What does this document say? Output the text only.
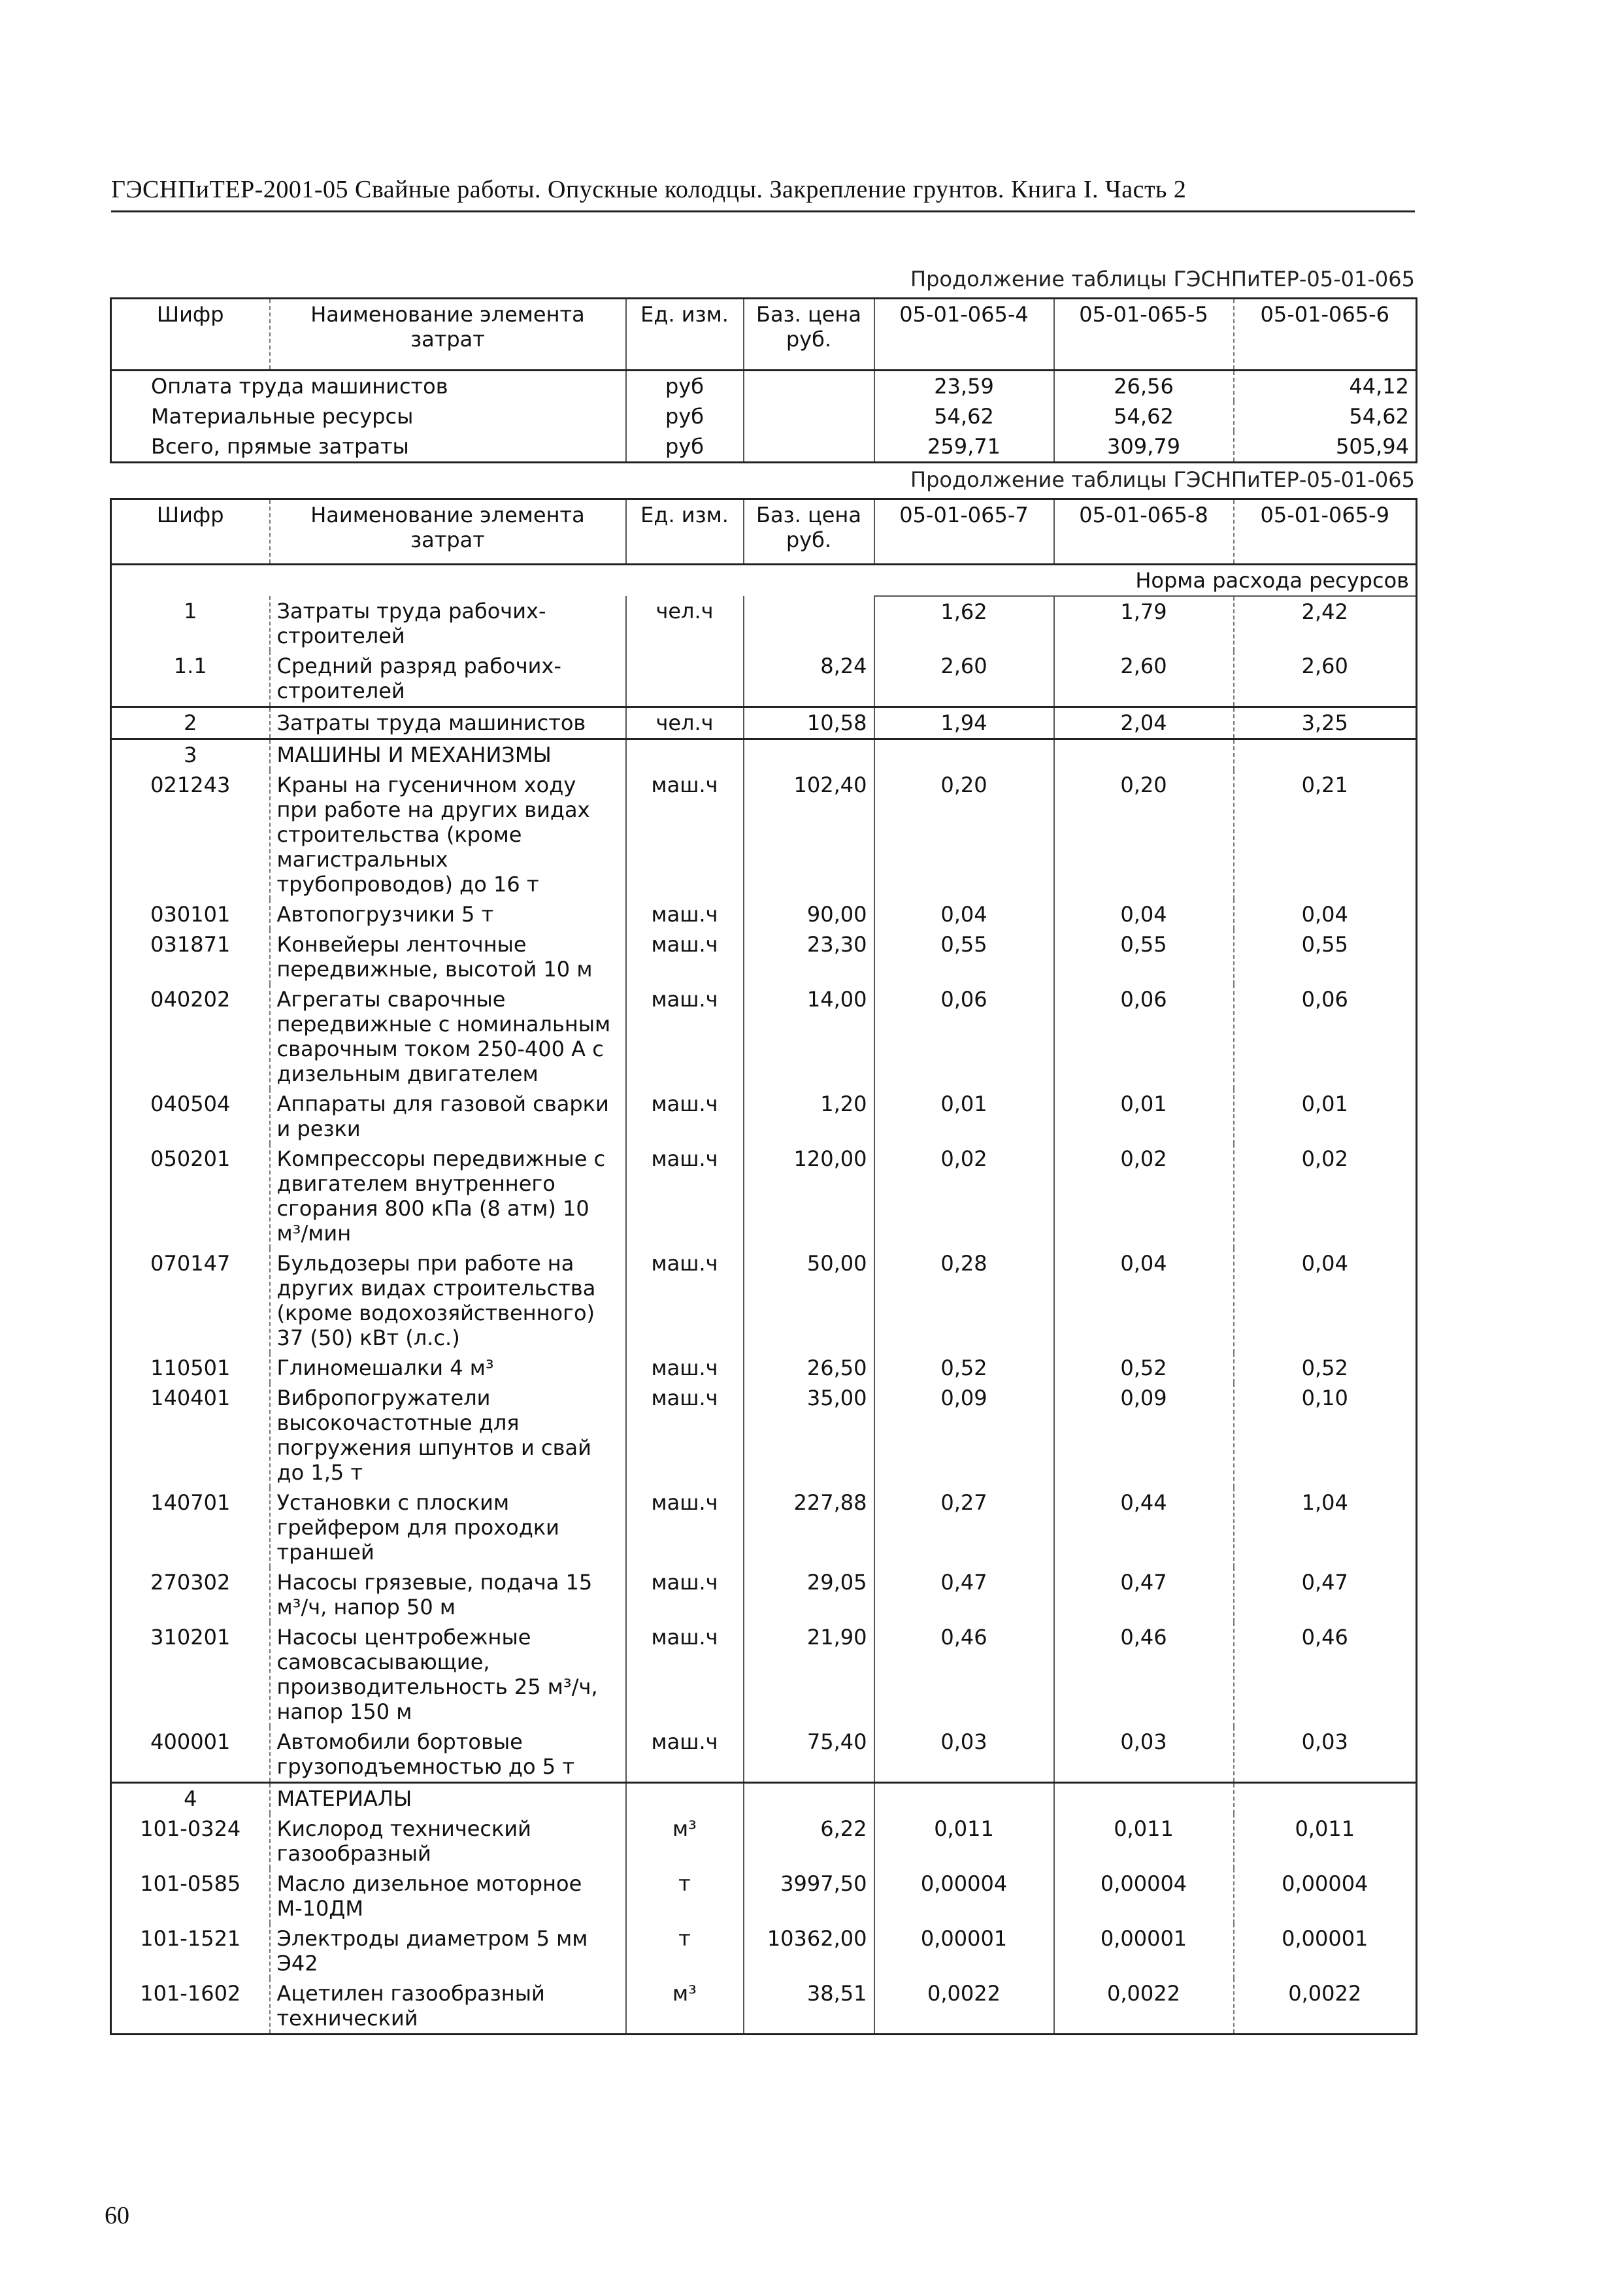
ГЭСНПиТЕР-2001-05 Свайные работы. Опускные колодцы. Закрепление грунтов. Книга I. Часть 2
Продолжение таблицы ГЭСНПиТЕР-05-01-065
Шифр	Наименование элемента затрат	Ед. изм.	Баз. цена руб.	05-01-065-4	05-01-065-5	05-01-065-6
Оплата труда машинистов		руб		23,59	26,56	44,12
Материальные ресурсы		руб		54,62	54,62	54,62
Всего, прямые затраты		руб		259,71	309,79	505,94
Продолжение таблицы ГЭСНПиТЕР-05-01-065
Шифр	Наименование элемента затрат	Ед. изм.	Баз. цена руб.	05-01-065-7	05-01-065-8	05-01-065-9
				Норма расхода ресурсов		
1	Затраты труда рабочих-строителей	чел.ч		1,62	1,79	2,42
1.1	Средний разряд рабочих-строителей		8,24	2,60	2,60	2,60
2	Затраты труда машинистов	чел.ч	10,58	1,94	2,04	3,25
3	МАШИНЫ И МЕХАНИЗМЫ					
021243	Краны на гусеничном ходу при работе на других видах строительства (кроме магистральных трубопроводов) до 16 т	маш.ч	102,40	0,20	0,20	0,21
030101	Автопогрузчики 5 т	маш.ч	90,00	0,04	0,04	0,04
031871	Конвейеры ленточные передвижные, высотой 10 м	маш.ч	23,30	0,55	0,55	0,55
040202	Агрегаты сварочные передвижные с номинальным сварочным током 250-400 А с дизельным двигателем	маш.ч	14,00	0,06	0,06	0,06
040504	Аппараты для газовой сварки и резки	маш.ч	1,20	0,01	0,01	0,01
050201	Компрессоры передвижные с двигателем внутреннего сгорания 800 кПа (8 атм) 10 м³/мин	маш.ч	120,00	0,02	0,02	0,02
070147	Бульдозеры при работе на других видах строительства (кроме водохозяйственного) 37 (50) кВт (л.с.)	маш.ч	50,00	0,28	0,04	0,04
110501	Глиномешалки 4 м³	маш.ч	26,50	0,52	0,52	0,52
140401	Вибропогружатели высокочастотные для погружения шпунтов и свай до 1,5 т	маш.ч	35,00	0,09	0,09	0,10
140701	Установки с плоским грейфером для проходки траншей	маш.ч	227,88	0,27	0,44	1,04
270302	Насосы грязевые, подача 15 м³/ч, напор 50 м	маш.ч	29,05	0,47	0,47	0,47
310201	Насосы центробежные самовсасывающие, производительность 25 м³/ч, напор 150 м	маш.ч	21,90	0,46	0,46	0,46
400001	Автомобили бортовые грузоподъемностью до 5 т	маш.ч	75,40	0,03	0,03	0,03
4	МАТЕРИАЛЫ					
101-0324	Кислород технический газообразный	м³	6,22	0,011	0,011	0,011
101-0585	Масло дизельное моторное М-10ДМ	т	3997,50	0,00004	0,00004	0,00004
101-1521	Электроды диаметром 5 мм Э42	т	10362,00	0,00001	0,00001	0,00001
101-1602	Ацетилен газообразный технический	м³	38,51	0,0022	0,0022	0,0022
60
